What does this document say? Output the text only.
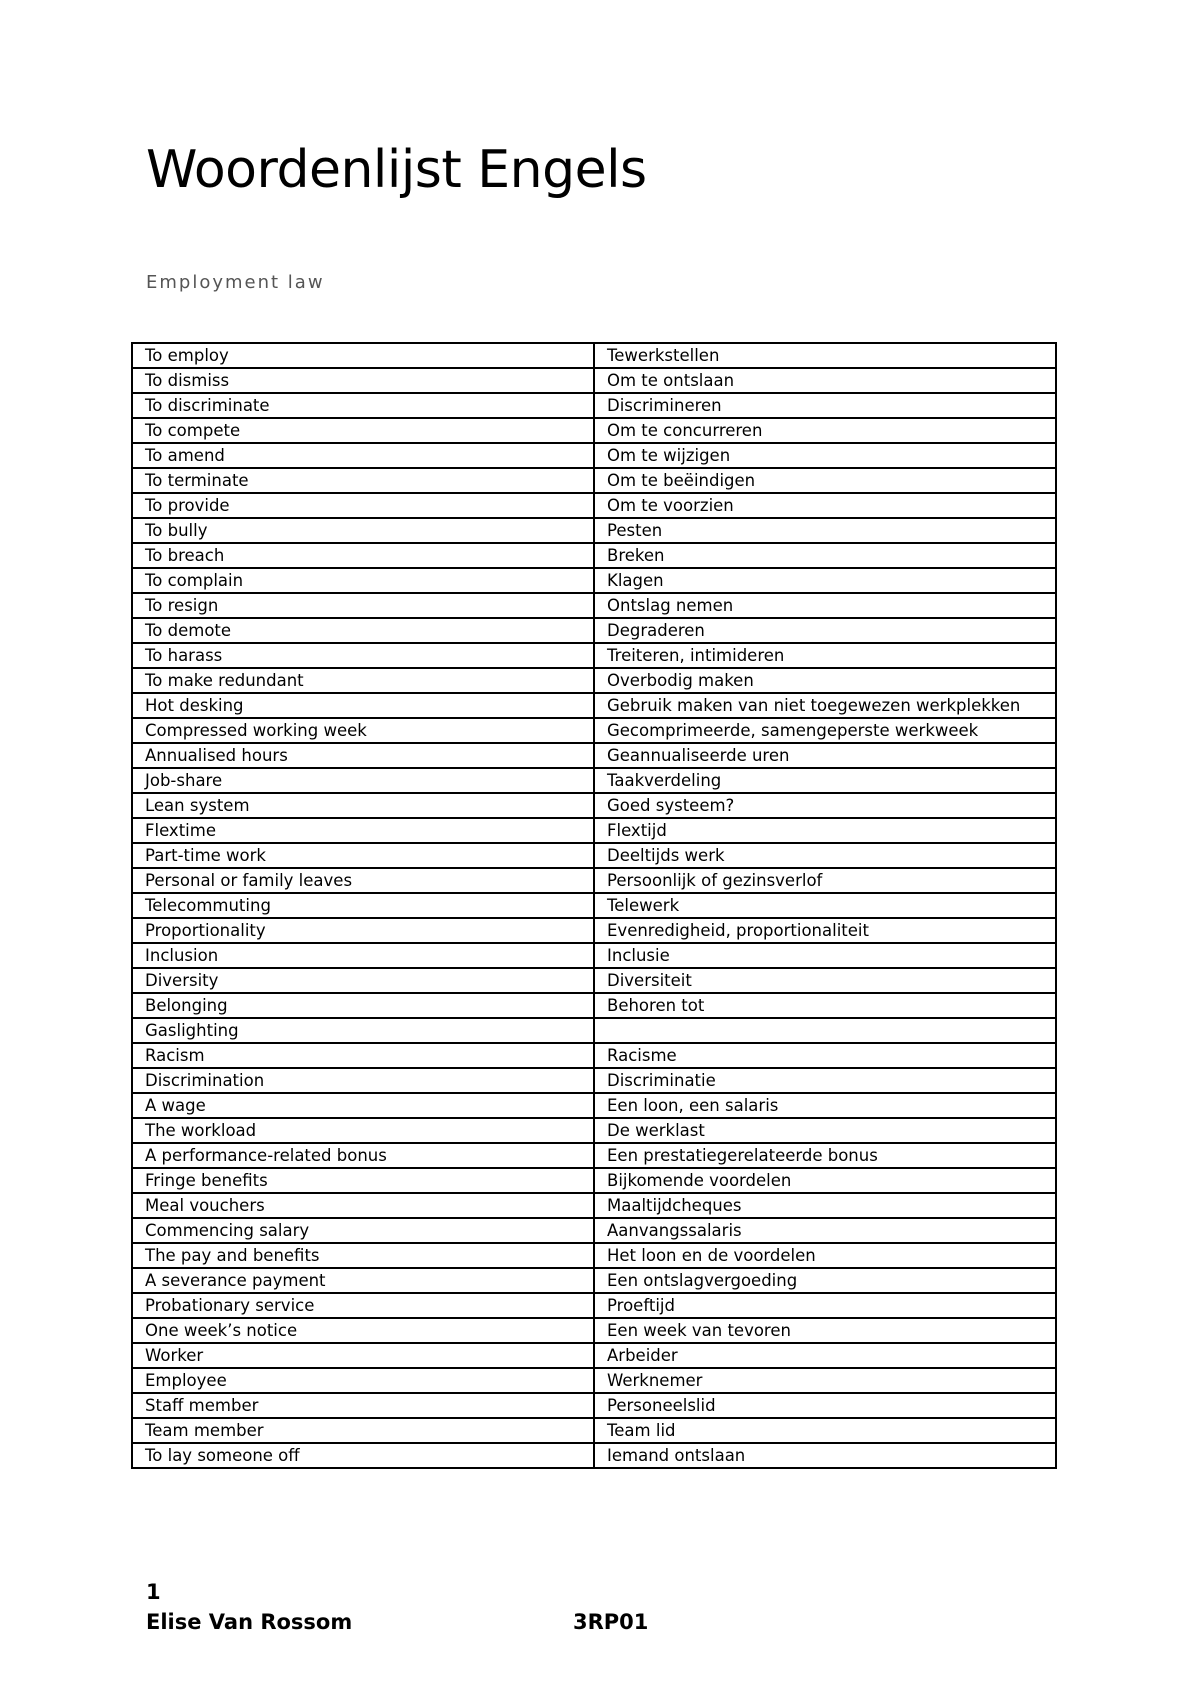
Woordenlijst Engels
Employment law
To employ	Tewerkstellen
To dismiss	Om te ontslaan
To discriminate	Discrimineren
To compete	Om te concurreren
To amend	Om te wijzigen
To terminate	Om te beëindigen
To provide	Om te voorzien
To bully	Pesten
To breach	Breken
To complain	Klagen
To resign	Ontslag nemen
To demote	Degraderen
To harass	Treiteren, intimideren
To make redundant	Overbodig maken
Hot desking	Gebruik maken van niet toegewezen werkplekken
Compressed working week	Gecomprimeerde, samengeperste werkweek
Annualised hours	Geannualiseerde uren
Job-share	Taakverdeling
Lean system	Goed systeem?
Flextime	Flextijd
Part-time work	Deeltijds werk
Personal or family leaves	Persoonlijk of gezinsverlof
Telecommuting	Telewerk
Proportionality	Evenredigheid, proportionaliteit
Inclusion	Inclusie
Diversity	Diversiteit
Belonging	Behoren tot
Gaslighting	
Racism	Racisme
Discrimination	Discriminatie
A wage	Een loon, een salaris
The workload	De werklast
A performance-related bonus	Een prestatiegerelateerde bonus
Fringe benefits	Bijkomende voordelen
Meal vouchers	Maaltijdcheques
Commencing salary	Aanvangssalaris
The pay and benefits	Het loon en de voordelen
A severance payment	Een ontslagvergoeding
Probationary service	Proeftijd
One week’s notice	Een week van tevoren
Worker	Arbeider
Employee	Werknemer
Staff member	Personeelslid
Team member	Team lid
To lay someone off	Iemand ontslaan
1
Elise Van Rossom	3RP01
